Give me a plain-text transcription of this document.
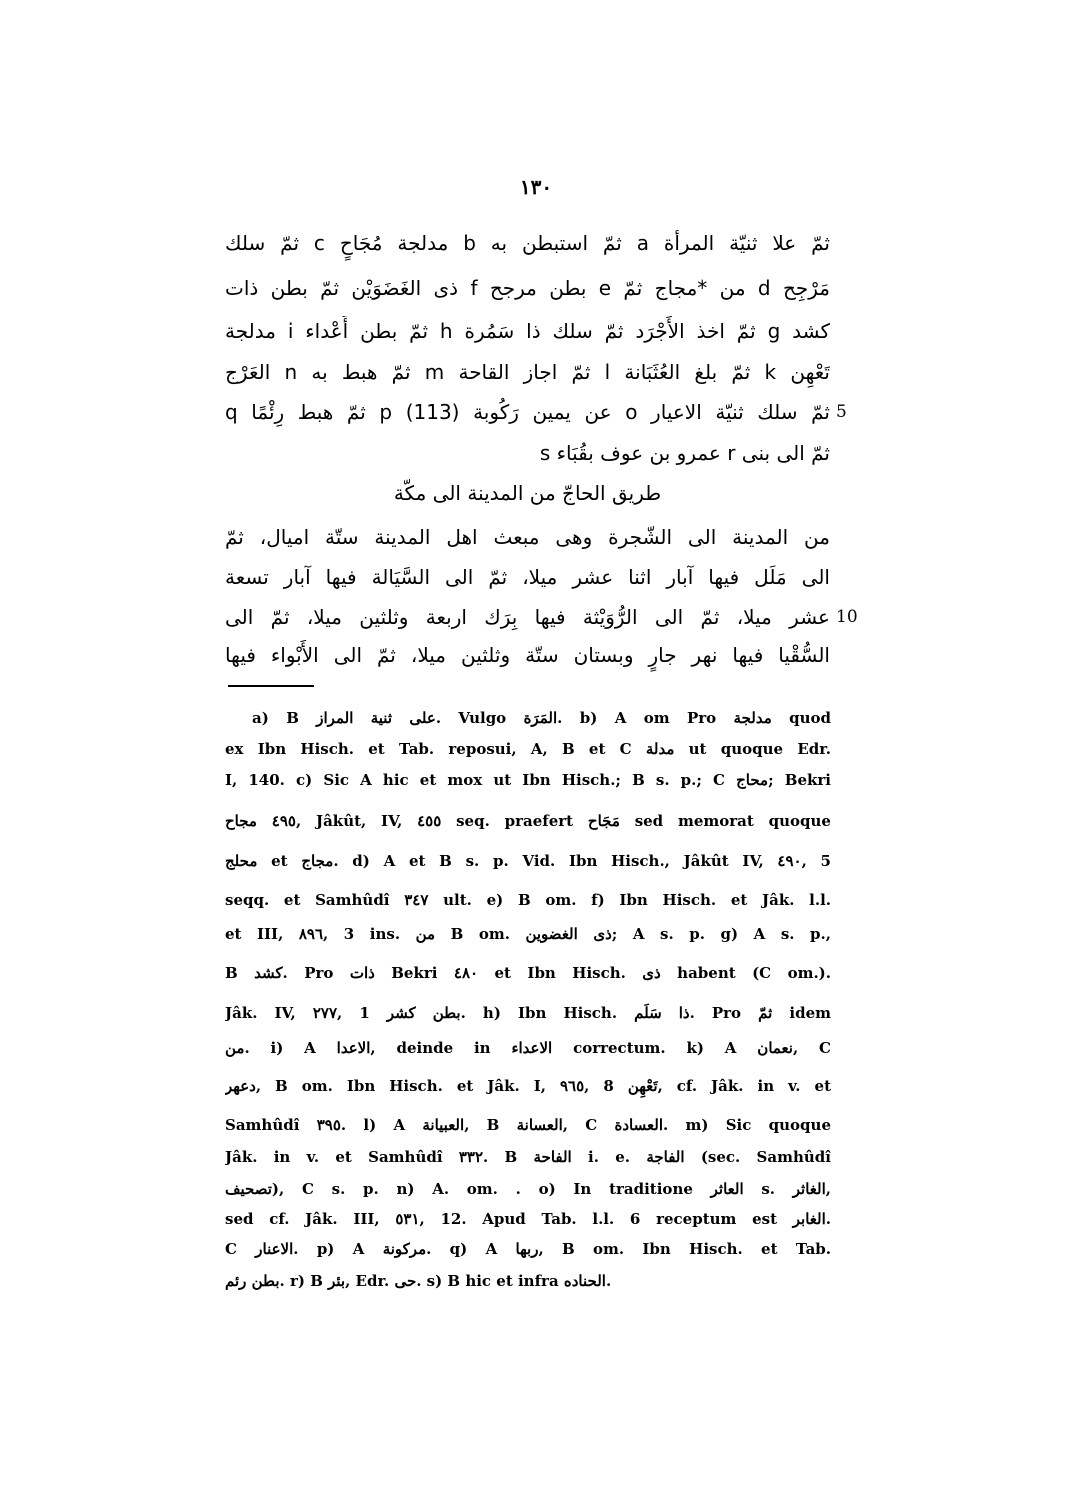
١٣٠
ثمّ علا ثنيّة المرأة a ثمّ استبطن به b مدلجة مُجَاحٍ c ثمّ سلك
مَرْجِح d من *مجاج ثمّ e بطن مرجح f ذى الغَضَوَيْن ثمّ بطن ذات
كشد g ثمّ اخذ الأَجْرَد ثمّ سلك ذا سَمُرة h ثمّ بطن أَعْداء i مدلجة
تَعْهِن k ثمّ بلغ العُثَبَانة l ثمّ اجاز القاحة m ثمّ هبط به n العَرْج
ثمّ سلك ثنيّة الاعيار o عن يمين رَكُوبة p (113) ثمّ هبط رِئْمًا q 5
ثمّ الى بنى r عمرو بن عوف بقُبَاء s
طريق الحاجّ من المدينة الى مكّة
من المدينة الى الشّجرة وهى مبعث اهل المدينة ستّة اميال، ثمّ
الى مَلَل فيها آبار اثنا عشر ميلا، ثمّ الى السَّيَالة فيها آبار تسعة
عشر ميلا، ثمّ الى الرُّوَيْثة فيها بِرَك اربعة وثلثين ميلا، ثمّ الى 10
السُّقْيا فيها نهر جارٍ وبستان ستّة وثلثين ميلا، ثمّ الى الأَبْواء فيها
a) B على ثنية المراز. Vulgo المَرَة. b) A om Pro مدلجة quod
ex Ibn Hisch. et Tab. reposui, A, B et C مدلة ut quoque Edr.
I, 140. c) Sic A hic et mox ut Ibn Hisch.; B s. p.; C محاج; Bekri
٤٩٥ مجاح, Jâkût, IV, ٤٥٥ seq. praefert مَجَاح sed memorat quoque
محلج et مجاج. d) A et B s. p. Vid. Ibn Hisch., Jâkût IV, ٤٩٠, 5
seqq. et Samhûdî ٣٤٧ ult. e) B om. f) Ibn Hisch. et Jâk. l.l.
et III, ٨٩٦, 3 ins. من B om. ذى الغضوين; A s. p. g) A s. p.,
B كشد. Pro ذات Bekri ٤٨٠ et Ibn Hisch. ذى habent (C om.).
Jâk. IV, ٢٧٧, 1 بطن كشر. h) Ibn Hisch. ذا سَلَم. Pro ثمّ idem
من. i) A الاعدا, deinde in الاعداء correctum. k) A نعمان, C
دعهر, B om. Ibn Hisch. et Jâk. I, ٩٦٥, 8 تَعْهِن, cf. Jâk. in v. et
Samhûdî ٣٩٥. l) A العبيانة, B العسانة, C العسادة. m) Sic quoque
Jâk. in v. et Samhûdî ٣٣٢. B الفاحة i. e. الفاجة (sec. Samhûdî
تصحيف), C s. p. n) A. om. . o) In traditione العاثر s. الغاثر,
sed cf. Jâk. III, ٥٣١, 12. Apud Tab. l.l. 6 receptum est الغابر.
C الاعنار. p) A مركونة. q) A ربها, B om. Ibn Hisch. et Tab.
بطن رئم. r) B بئر, Edr. حى. s) B hic et infra الحناده.
